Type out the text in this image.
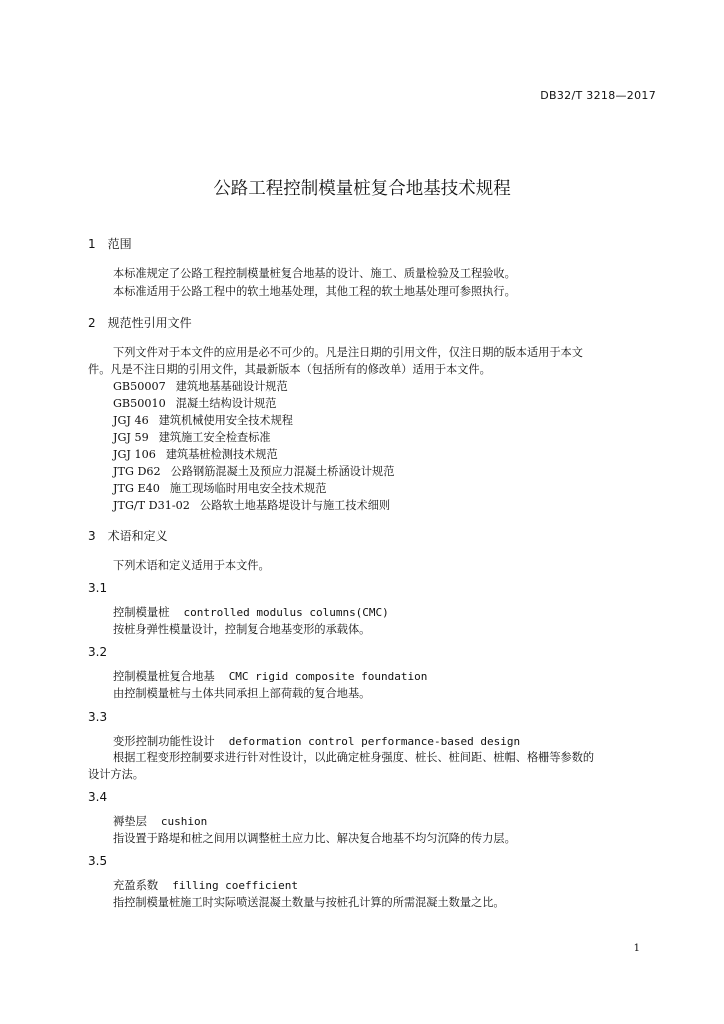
DB32/T 3218—2017
公路工程控制模量桩复合地基技术规程
1 范围
本标准规定了公路工程控制模量桩复合地基的设计、施工、质量检验及工程验收。
本标准适用于公路工程中的软土地基处理，其他工程的软土地基处理可参照执行。
2 规范性引用文件
下列文件对于本文件的应用是必不可少的。凡是注日期的引用文件，仅注日期的版本适用于本文
件。凡是不注日期的引用文件，其最新版本（包括所有的修改单）适用于本文件。
GB50007 建筑地基基础设计规范
GB50010 混凝土结构设计规范
JGJ 46 建筑机械使用安全技术规程
JGJ 59 建筑施工安全检查标准
JGJ 106 建筑基桩检测技术规范
JTG D62 公路钢筋混凝土及预应力混凝土桥涵设计规范
JTG E40 施工现场临时用电安全技术规范
JTG/T D31-02 公路软土地基路堤设计与施工技术细则
3 术语和定义
下列术语和定义适用于本文件。
3.1
控制模量桩 controlled modulus columns(CMC)
按桩身弹性模量设计，控制复合地基变形的承载体。
3.2
控制模量桩复合地基 CMC rigid composite foundation
由控制模量桩与土体共同承担上部荷载的复合地基。
3.3
变形控制功能性设计 deformation control performance-based design
根据工程变形控制要求进行针对性设计，以此确定桩身强度、桩长、桩间距、桩帽、格栅等参数的
设计方法。
3.4
褥垫层 cushion
指设置于路堤和桩之间用以调整桩土应力比、解决复合地基不均匀沉降的传力层。
3.5
充盈系数 filling coefficient
指控制模量桩施工时实际喷送混凝土数量与按桩孔计算的所需混凝土数量之比。
1
